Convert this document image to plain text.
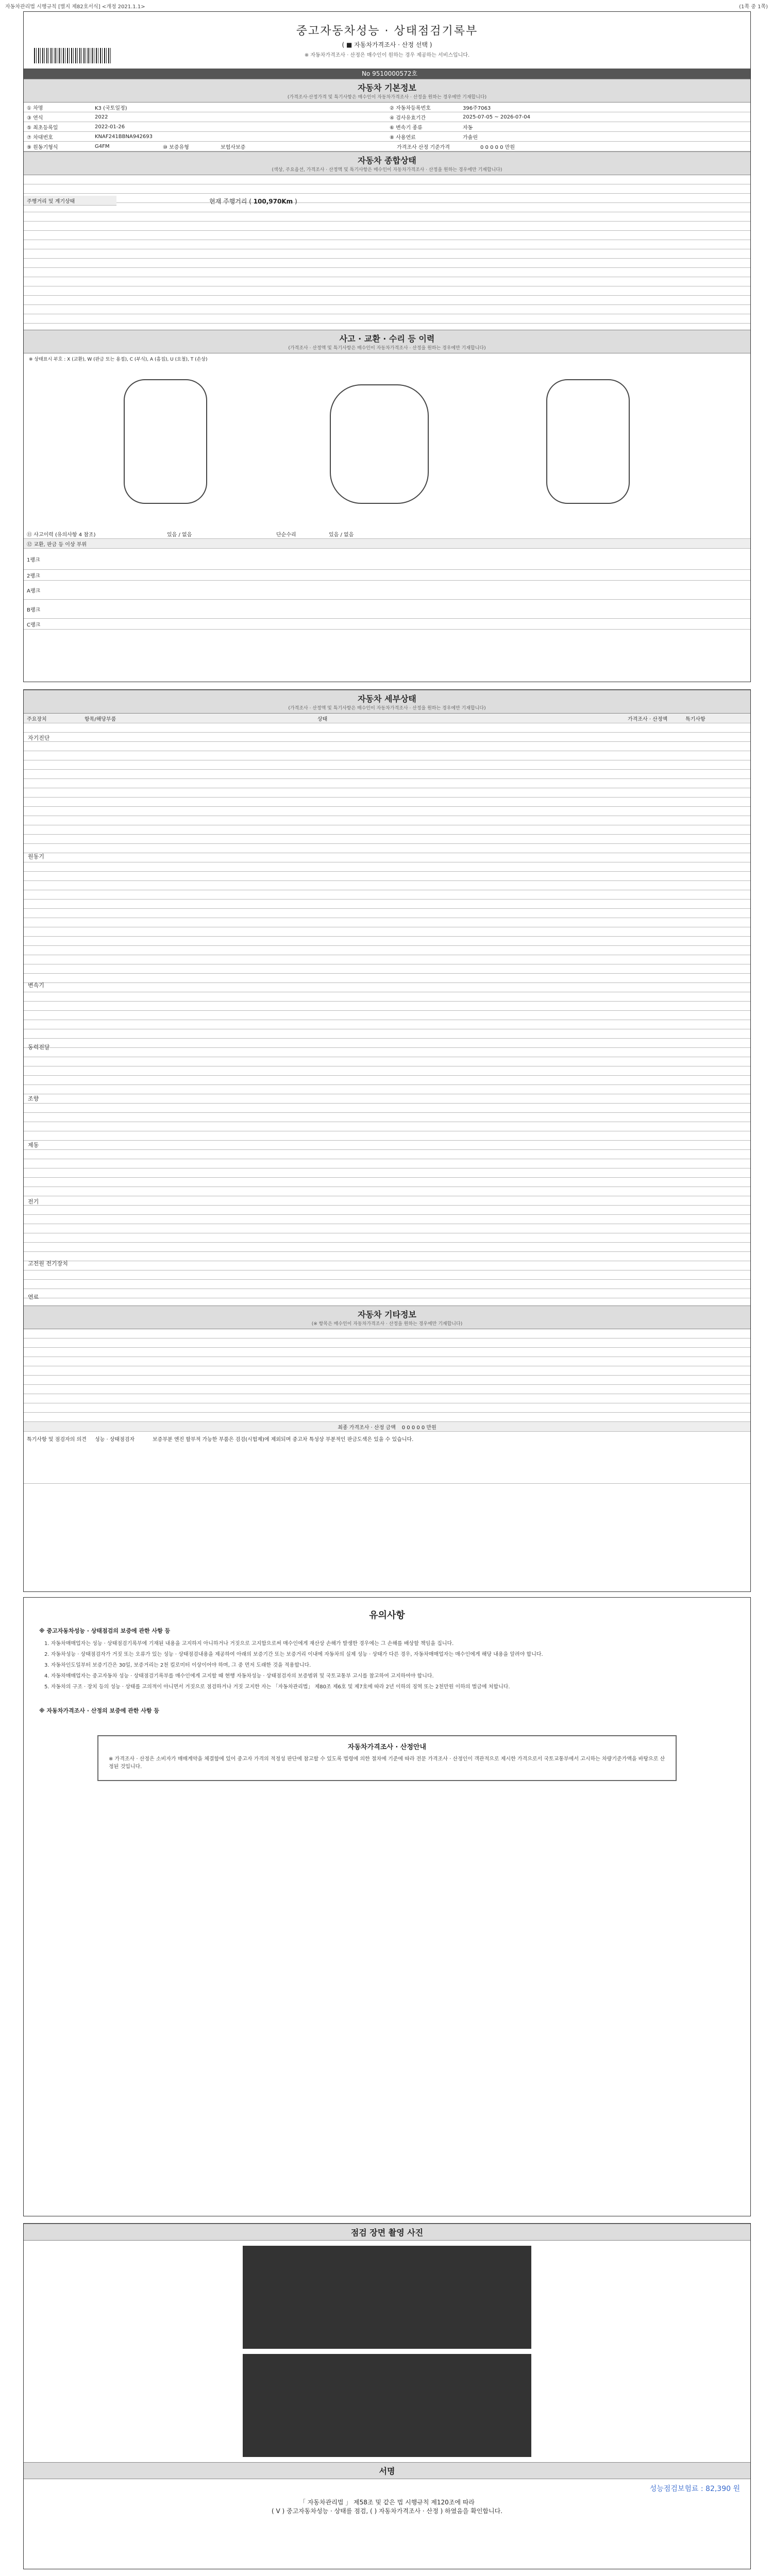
자동차관리법 시행규칙 [별지 제82호서식] <개정 2021.1.1>	(1쪽 중 1쪽)
중고자동차성능 · 상태점검기록부
( ■ 자동차가격조사 · 산정 선택 )
※ 자동차가격조사 · 산정은 매수인이 원하는 경우 제공하는 서비스입니다.
No 9510000572호
자동차 기본정보
(가격조사·산정가격 및 특기사항은 매수인이 자동차가격조사 · 산정을 원하는 경우에만 기재합니다)
① 차명	K3 (국토일정)	② 자동차등록번호	396주7063
③ 연식	2022	④ 검사유효기간	2025-07-05 ~ 2026-07-04
⑤ 최초등록일	2022-01-26	⑥ 변속기 종류	자동
⑦ 차대번호	KNAF241BBNA942693	⑧ 사용연료	가솔린
⑨ 원동기형식	G4FM	⑩ 보증유형	보험사보증	가격조사 산정 기준가격	0 0 0 0 0 만원
자동차 종합상태
(색상, 주요옵션, 가격조사 · 산정액 및 특기사항은 매수인이 자동차가격조사 · 산정을 원하는 경우에만 기재합니다)
주행거리 및 계기상태	현재 주행거리 ( 100,970Km )
사고 · 교환 · 수리 등 이력
(가격조사 · 산정액 및 특기사항은 매수인이 자동차가격조사 · 산정을 원하는 경우에만 기재합니다)
※ 상태표시 부호 : X (교환), W (판금 또는 용접), C (부식), A (흠집), U (요철), T (손상)
⑪ 사고이력 (유의사항 4 참조)	있음 / 없음	단순수리	있음 / 없음
⑫ 교환, 판금 등 이상 부위
1랭크
2랭크
A랭크
B랭크
C랭크
자동차 세부상태
(가격조사 · 산정액 및 특기사항은 매수인이 자동차가격조사 · 산정을 원하는 경우에만 기재합니다)
주요장치	항목/해당부품	상태	가격조사 · 산정액	특기사항
자기진단
원동기
변속기
동력전달
조향
제동
전기
고전원 전기장치
연료
자동차 기타정보
(※ 항목은 매수인이 자동차가격조사 · 산정을 원하는 경우에만 기재합니다)
최종 가격조사 · 산정 금액	0 0 0 0 0 만원
특기사항 및 점검자의 의견	성능 · 상태점검자	보증부분 엔진 할부적 가능한 부품은 검검(시험제)에 제외되며 중고차 특성상 부분적인 판금도색은 있을 수 있습니다.
유의사항
※ 중고자동차성능 · 상태점검의 보증에 관한 사항 등

1. 자동차매매업자는 성능 · 상태점검기록부에 기재된 내용을 고지하지 아니하거나 거짓으로 고지함으로써 매수인에게 재산상 손해가 발생한 경우에는 그 손해를 배상할 책임을 집니다.

2. 자동차성능 · 상태점검자가 거짓 또는 오류가 있는 성능 · 상태점검내용을 제공하여 아래의 보증기간 또는 보증거리 이내에 자동차의 실제 성능 · 상태가 다른 경우, 자동차매매업자는 매수인에게 해당 내용을 알려야 합니다.

3. 자동차인도일부터 보증기간은 30일, 보증거리는 2천 킬로미터 이상이어야 하며, 그 중 먼저 도래한 것을 적용합니다.

4. 자동차매매업자는 중고자동차 성능 · 상태점검기록부를 매수인에게 고지할 때 현행 자동차성능 · 상태점검자의 보증범위 및 국토교통부 고시를 참고하여 고지하여야 합니다.

5. 자동차의 구조 · 장치 등의 성능 · 상태를 고의적이 아니면서 거짓으로 점검하거나 거짓 고지한 자는 「자동차관리법」 제80조 제6호 및 제7호에 따라 2년 이하의 징역 또는 2천만원 이하의 벌금에 처합니다.

※ 자동차가격조사 · 산정의 보증에 관한 사항 등
자동차가격조사 · 산정안내

※ 가격조사 · 산정은 소비자가 매매계약을 체결함에 있어 중고자 가격의 적정성 판단에 참고할 수 있도록 법령에 의한 절차에 기준에 따라 전문 가격조사 · 산정인이 객관적으로 제시한 가격으로서 국토교통부에서 고시하는 차량기준가액을 바탕으로 산정된 것입니다.

점검 장면 촬영 사진
서명
성능점검보험료 : 82,390 원
「 자동차관리법 」 제58조 및 같은 법 시행규칙 제120조에 따라
( V ) 중고자동차성능 · 상태를 점검, ( ) 자동차가격조사 · 산정 ) 하였음을 확인합니다.
